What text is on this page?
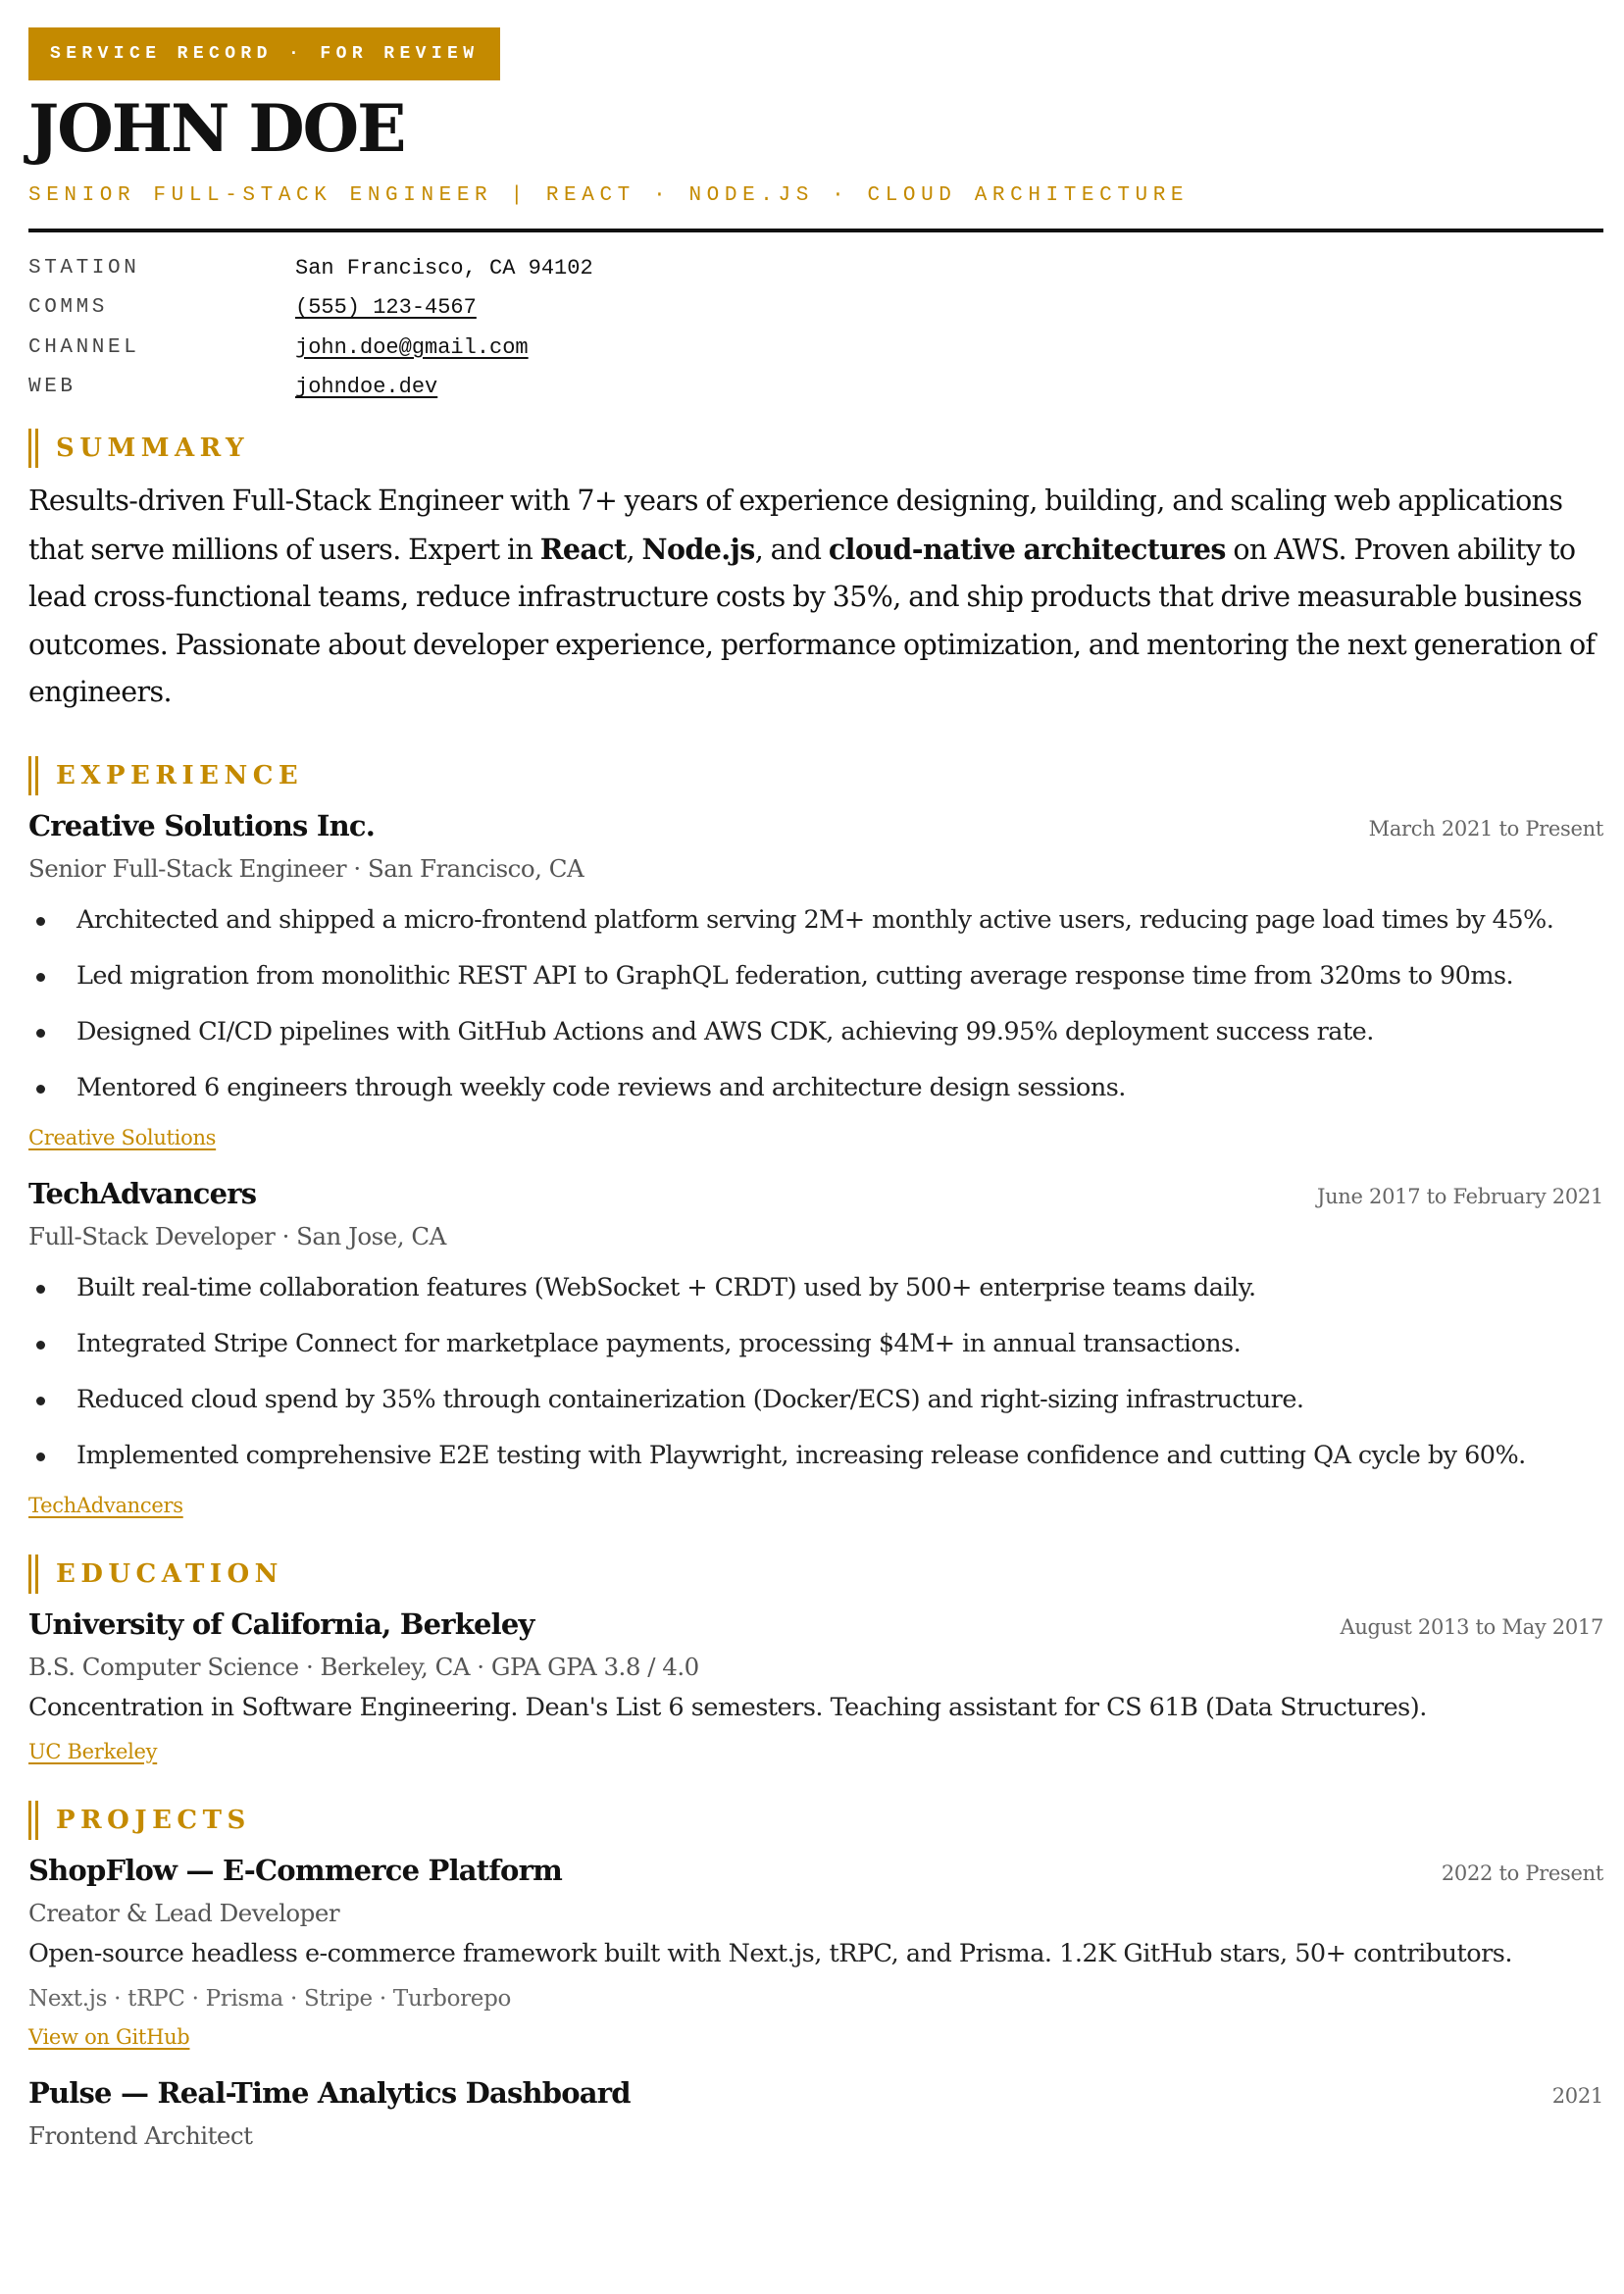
SERVICE RECORD · FOR REVIEW
JOHN DOE
SENIOR FULL-STACK ENGINEER | REACT · NODE.JS · CLOUD ARCHITECTURE
STATION	San Francisco, CA 94102
COMMS	(555) 123-4567
CHANNEL	john.doe@gmail.com
WEB	johndoe.dev
SUMMARY
Results-driven Full-Stack Engineer with 7+ years of experience designing, building, and scaling web applications that serve millions of users. Expert in React, Node.js, and cloud-native architectures on AWS. Proven ability to lead cross-functional teams, reduce infrastructure costs by 35%, and ship products that drive measurable business outcomes. Passionate about developer experience, performance optimization, and mentoring the next generation of engineers.
EXPERIENCE
Creative Solutions Inc.	March 2021 to Present
Senior Full-Stack Engineer · San Francisco, CA
Architected and shipped a micro-frontend platform serving 2M+ monthly active users, reducing page load times by 45%.
Led migration from monolithic REST API to GraphQL federation, cutting average response time from 320ms to 90ms.
Designed CI/CD pipelines with GitHub Actions and AWS CDK, achieving 99.95% deployment success rate.
Mentored 6 engineers through weekly code reviews and architecture design sessions.
Creative Solutions
TechAdvancers	June 2017 to February 2021
Full-Stack Developer · San Jose, CA
Built real-time collaboration features (WebSocket + CRDT) used by 500+ enterprise teams daily.
Integrated Stripe Connect for marketplace payments, processing $4M+ in annual transactions.
Reduced cloud spend by 35% through containerization (Docker/ECS) and right-sizing infrastructure.
Implemented comprehensive E2E testing with Playwright, increasing release confidence and cutting QA cycle by 60%.
TechAdvancers
EDUCATION
University of California, Berkeley	August 2013 to May 2017
B.S. Computer Science · Berkeley, CA · GPA GPA 3.8 / 4.0
Concentration in Software Engineering. Dean's List 6 semesters. Teaching assistant for CS 61B (Data Structures).
UC Berkeley
PROJECTS
ShopFlow — E-Commerce Platform	2022 to Present
Creator & Lead Developer
Open-source headless e-commerce framework built with Next.js, tRPC, and Prisma. 1.2K GitHub stars, 50+ contributors.
Next.js · tRPC · Prisma · Stripe · Turborepo
View on GitHub
Pulse — Real-Time Analytics Dashboard	2021
Frontend Architect
